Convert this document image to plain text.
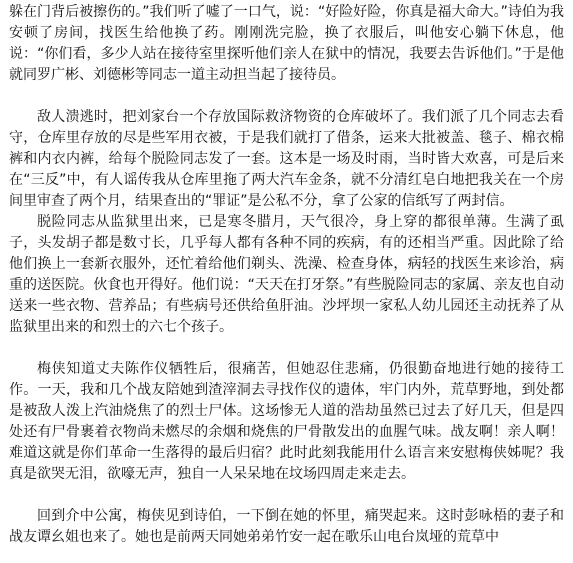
躲在门背后被擦伤的。”我们听了嘘了一口气，说：“好险好险，你真是福大命大。”诗伯为我安顿了房间，找医生给他换了药。刚刚洗完脸，换了衣服后，叫他安心躺下休息，他说：“你们看，多少人站在接待室里探听他们亲人在狱中的情况，我要去告诉他们。”于是他就同罗广彬、刘德彬等同志一道主动担当起了接待员。

敌人溃逃时，把刘家台一个存放国际救济物资的仓库破坏了。我们派了几个同志去看守，仓库里存放的尽是些军用衣被，于是我们就打了借条，运来大批被盖、毯子、棉衣棉裤和内衣内裤，给每个脱险同志发了一套。这本是一场及时雨，当时皆大欢喜，可是后来在“三反”中，有人谣传我从仓库里拖了两大汽车金条，就不分清红皂白地把我关在一个房间里审查了两个月，结果查出的“罪证”是公私不分，拿了公家的信纸写了两封信。

脱险同志从监狱里出来，已是寒冬腊月，天气很冷，身上穿的都很单薄。生满了虱子，头发胡子都是数寸长，几乎每人都有各种不同的疾病，有的还相当严重。因此除了给他们换上一套新衣服外，还忙着给他们剃头、洗澡、检查身体，病轻的找医生来诊治，病重的送医院。伙食也开得好。他们说：“天天在打牙祭。”有些脱险同志的家属、亲友也自动送来一些衣物、营养品；有些病号还供给鱼肝油。沙坪坝一家私人幼儿园还主动抚养了从监狱里出来的和烈士的六七个孩子。

梅侠知道丈夫陈作仪牺牲后，很痛苦，但她忍住悲痛，仍很勤奋地进行她的接待工作。一天，我和几个战友陪她到渣滓洞去寻找作仪的遗体，牢门内外，荒草野地，到处都是被敌人泼上汽油烧焦了的烈士尸体。这场惨无人道的浩劫虽然已过去了好几天，但是四处还有尸骨裹着衣物尚未燃尽的余烟和烧焦的尸骨散发出的血腥气味。战友啊！亲人啊！难道这就是你们革命一生落得的最后归宿？此时此刻我能用什么语言来安慰梅侠姊呢？我真是欲哭无泪，欲嚎无声，独自一人呆呆地在坟场四周走来走去。

回到介中公寓，梅侠见到诗伯，一下倒在她的怀里，痛哭起来。这时彭咏梧的妻子和战友谭幺姐也来了。她也是前两天同她弟弟竹安一起在歌乐山电台岚垭的荒草中
